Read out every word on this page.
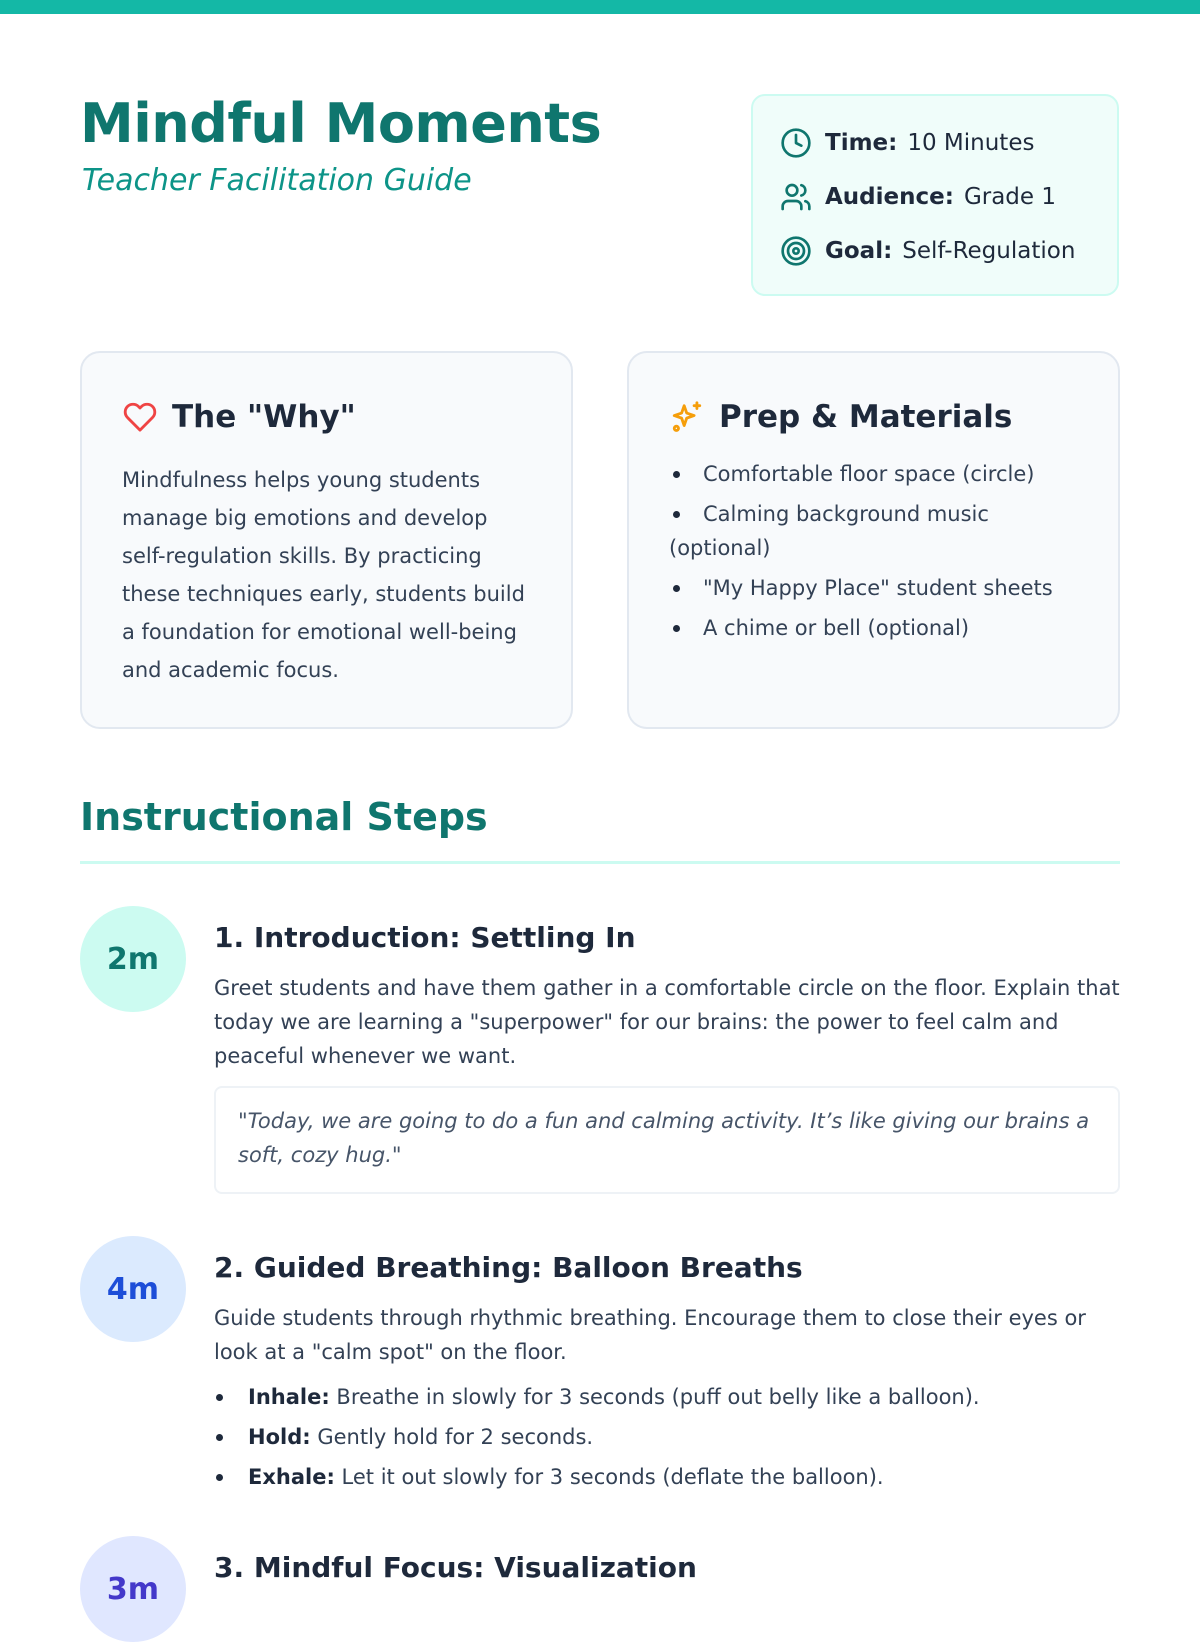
Mindful Moments

Teacher Facilitation Guide

Time: 10 Minutes
Audience: Grade 1
Goal: Self-Regulation
The "Why"

Mindfulness helps young students manage big emotions and develop self-regulation skills. By practicing these techniques early, students build a foundation for emotional well-being and academic focus.

Prep & Materials
Comfortable floor space (circle)
Calming background music (optional)
"My Happy Place" student sheets
A chime or bell (optional)
Instructional Steps
2m
1. Introduction: Settling In

Greet students and have them gather in a comfortable circle on the floor. Explain that today we are learning a "superpower" for our brains: the power to feel calm and peaceful whenever we want.

"Today, we are going to do a fun and calming activity. It’s like giving our brains a soft, cozy hug."
4m
2. Guided Breathing: Balloon Breaths

Guide students through rhythmic breathing. Encourage them to close their eyes or look at a "calm spot" on the floor.

Inhale: Breathe in slowly for 3 seconds (puff out belly like a balloon).
Hold: Gently hold for 2 seconds.
Exhale: Let it out slowly for 3 seconds (deflate the balloon).
3m
3. Mindful Focus: Visualization
